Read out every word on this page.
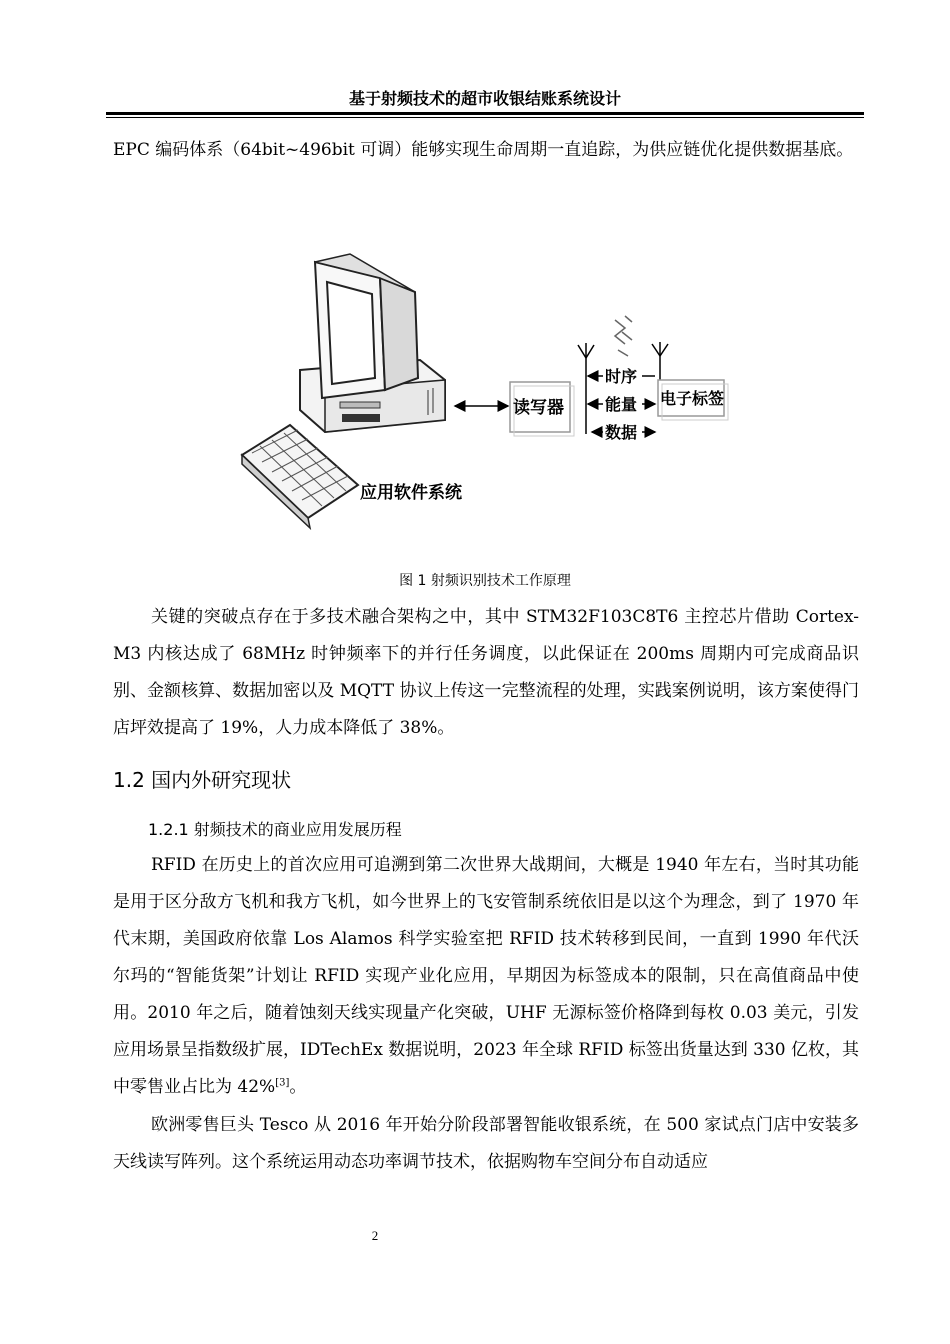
基于射频技术的超市收银结账系统设计
EPC 编码体系（64bit~496bit 可调）能够实现生命周期一直追踪，为供应链优化提供数据基底。
读写器
时序
能量
数据
电子标签
应用软件系统
图 1 射频识别技术工作原理
关键的突破点存在于多技术融合架构之中，其中 STM32F103C8T6 主控芯片借助 Cortex-M3 内核达成了 68MHz 时钟频率下的并行任务调度，以此保证在 200ms 周期内可完成商品识别、金额核算、数据加密以及 MQTT 协议上传这一完整流程的处理，实践案例说明，该方案使得门店坪效提高了 19%，人力成本降低了 38%。
1.2 国内外研究现状
1.2.1 射频技术的商业应用发展历程
RFID 在历史上的首次应用可追溯到第二次世界大战期间，大概是 1940 年左右，当时其功能是用于区分敌方飞机和我方飞机，如今世界上的飞安管制系统依旧是以这个为理念，到了 1970 年代末期，美国政府依靠 Los Alamos 科学实验室把 RFID 技术转移到民间，一直到 1990 年代沃尔玛的“智能货架”计划让 RFID 实现产业化应用，早期因为标签成本的限制，只在高值商品中使用。2010 年之后，随着蚀刻天线实现量产化突破，UHF 无源标签价格降到每枚 0.03 美元，引发应用场景呈指数级扩展，IDTechEx 数据说明，2023 年全球 RFID 标签出货量达到 330 亿枚，其中零售业占比为 42%[3]。
欧洲零售巨头 Tesco 从 2016 年开始分阶段部署智能收银系统，在 500 家试点门店中安装多天线读写阵列。这个系统运用动态功率调节技术，依据购物车空间分布自动适应
2
